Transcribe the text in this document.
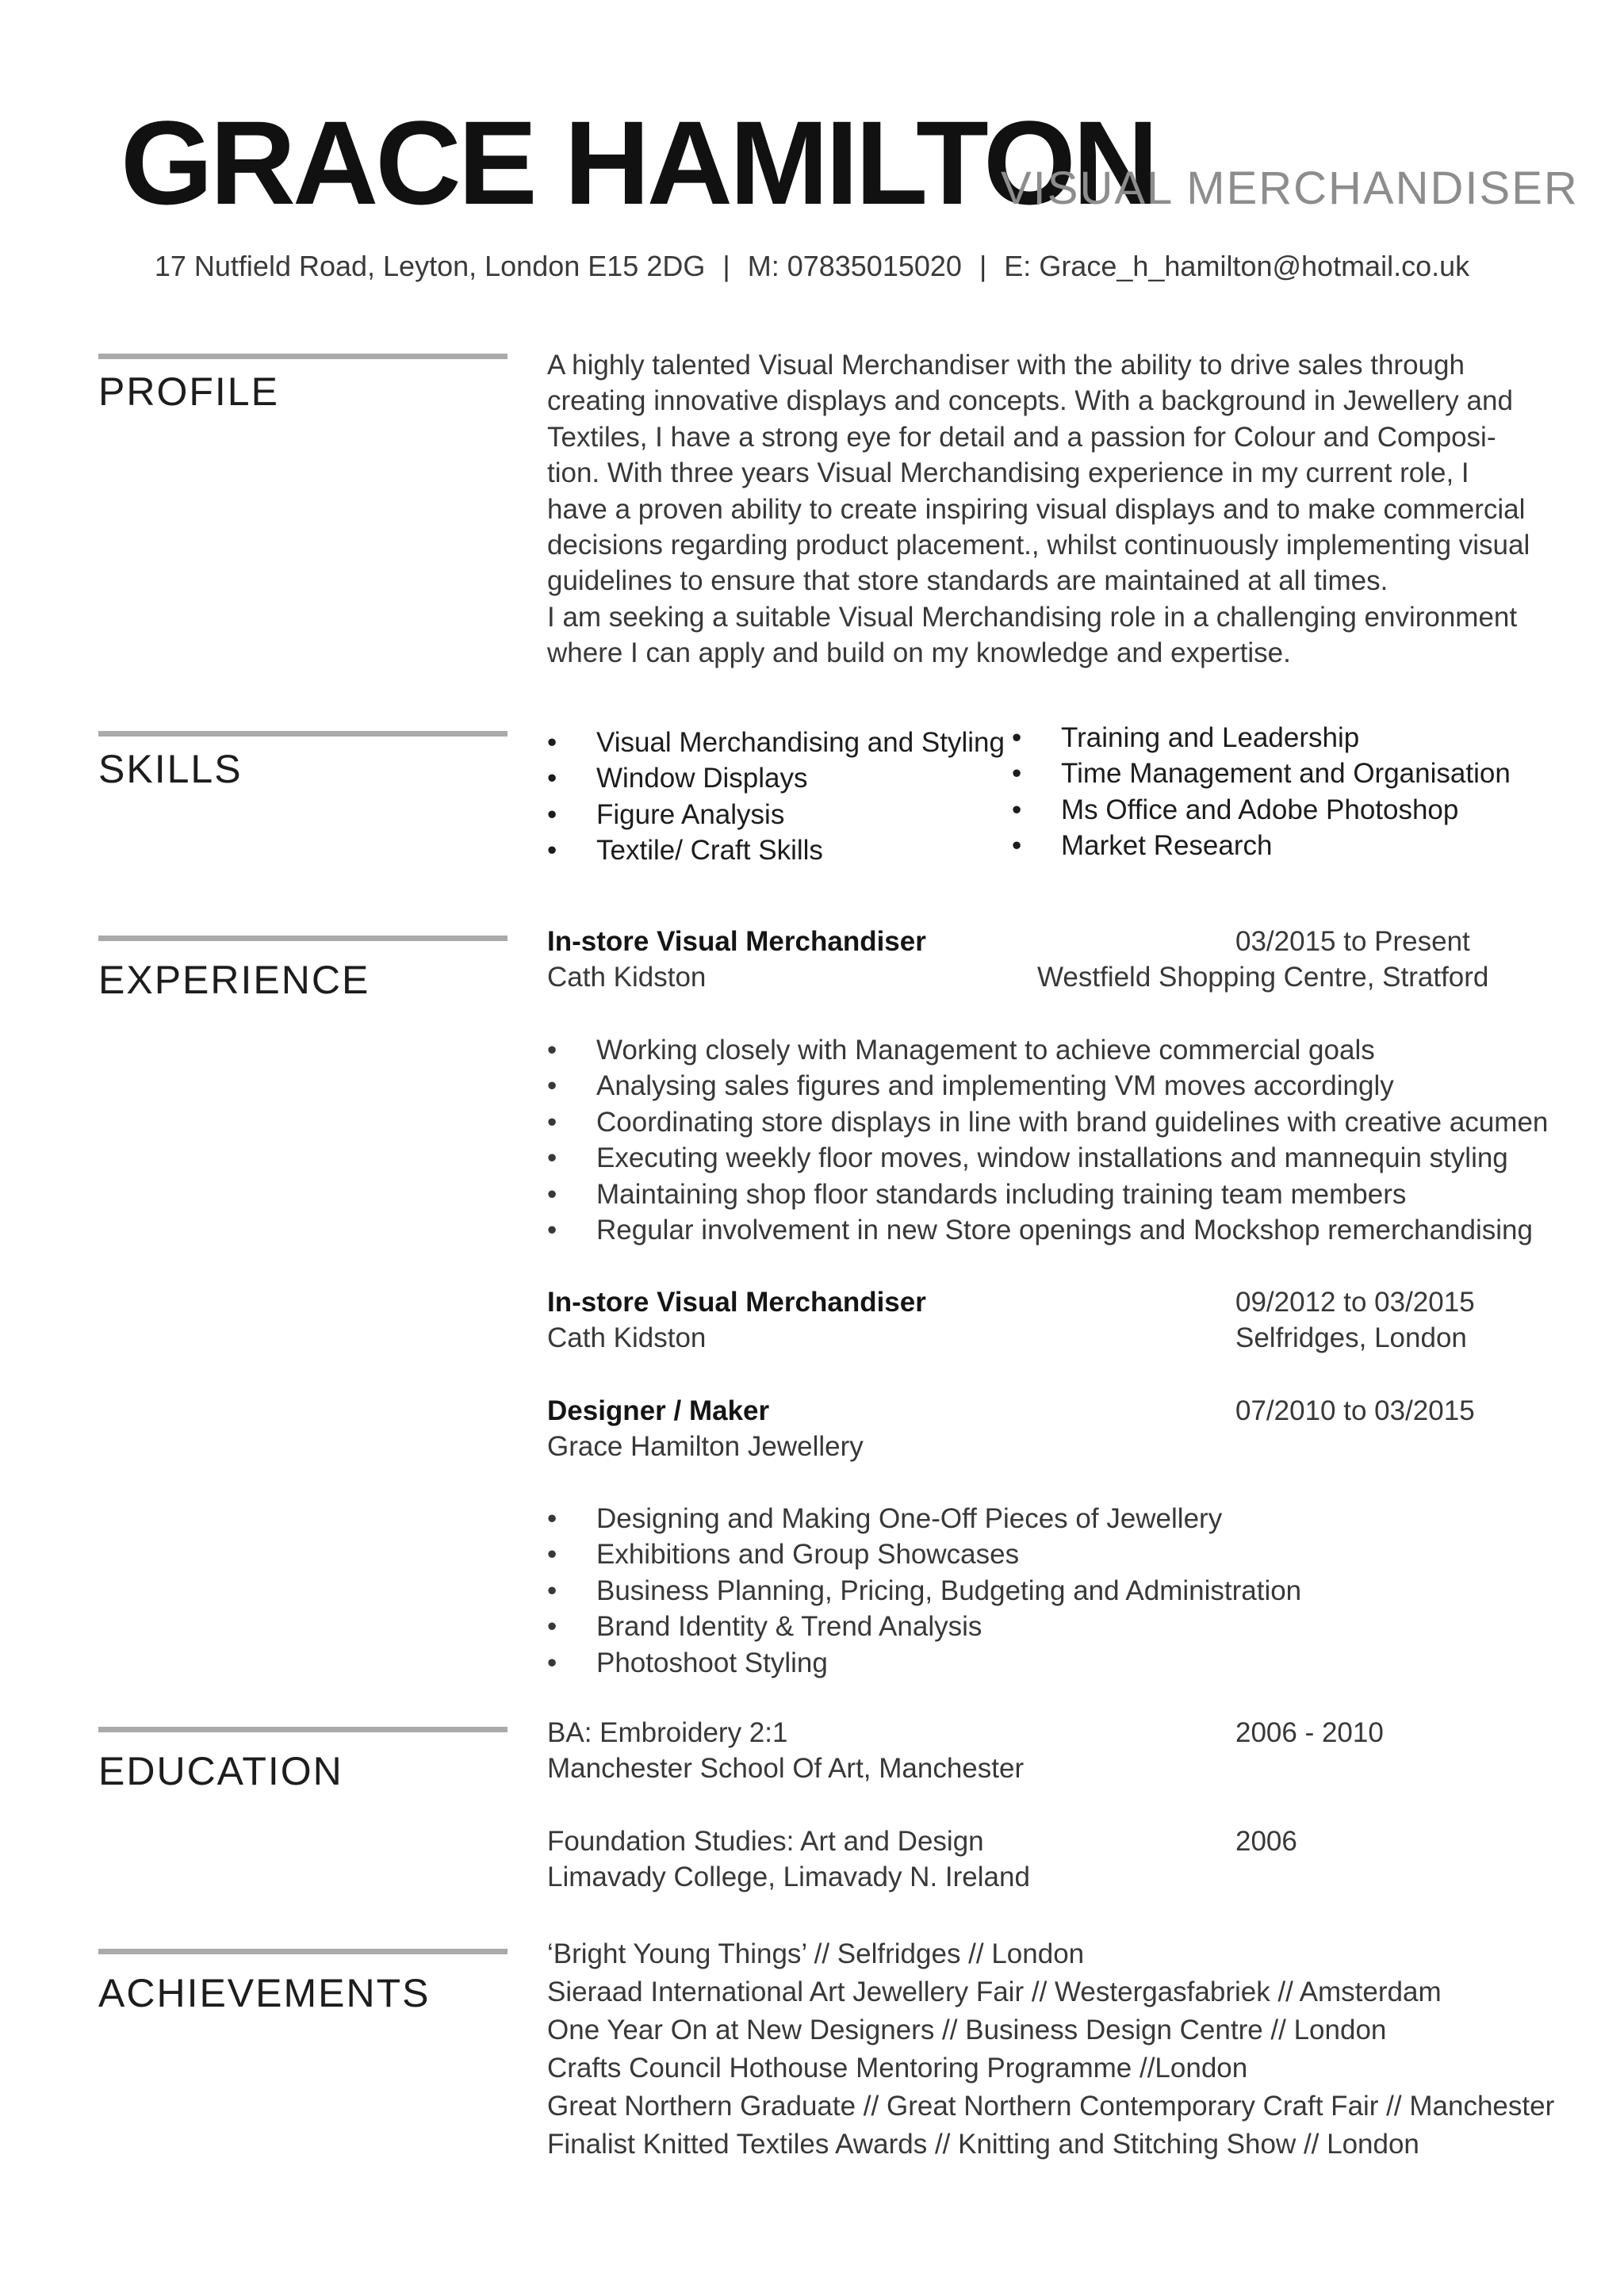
GRACE HAMILTON
VISUAL MERCHANDISER
17 Nutfield Road, Leyton, London E15 2DG | M: 07835015020 | E: Grace_h_hamilton@hotmail.co.uk
PROFILE
A highly talented Visual Merchandiser with the ability to drive sales through creating innovative displays and concepts. With a background in Jewellery and Textiles, I have a strong eye for detail and a passion for Colour and Composi-tion. With three years Visual Merchandising experience in my current role, I have a proven ability to create inspiring visual displays and to make commercial decisions regarding product placement., whilst continuously implementing visual guidelines to ensure that store standards are maintained at all times.
I am seeking a suitable Visual Merchandising role in a challenging environment where I can apply and build on my knowledge and expertise.
SKILLS
• Visual Merchandising and Styling
• Window Displays
• Figure Analysis
• Textile/ Craft Skills
• Training and Leadership
• Time Management and Organisation
• Ms Office and Adobe Photoshop
• Market Research
EXPERIENCE
In-store Visual Merchandiser	03/2015 to Present
Cath Kidston	Westfield Shopping Centre, Stratford
• Working closely with Management to achieve commercial goals
• Analysing sales figures and implementing VM moves accordingly
• Coordinating store displays in line with brand guidelines with creative acumen
• Executing weekly floor moves, window installations and mannequin styling
• Maintaining shop floor standards including training team members
• Regular involvement in new Store openings and Mockshop remerchandising
In-store Visual Merchandiser	09/2012 to 03/2015
Cath Kidston	Selfridges, London
Designer / Maker	07/2010 to 03/2015
Grace Hamilton Jewellery
• Designing and Making One-Off Pieces of Jewellery
• Exhibitions and Group Showcases
• Business Planning, Pricing, Budgeting and Administration
• Brand Identity & Trend Analysis
• Photoshoot Styling
EDUCATION
BA: Embroidery 2:1	2006 - 2010
Manchester School Of Art, Manchester
Foundation Studies: Art and Design	2006
Limavady College, Limavady N. Ireland
ACHIEVEMENTS
‘Bright Young Things’ // Selfridges // London
Sieraad International Art Jewellery Fair // Westergasfabriek // Amsterdam
One Year On at New Designers // Business Design Centre // London
Crafts Council Hothouse Mentoring Programme //London
Great Northern Graduate // Great Northern Contemporary Craft Fair // Manchester
Finalist Knitted Textiles Awards // Knitting and Stitching Show // London
